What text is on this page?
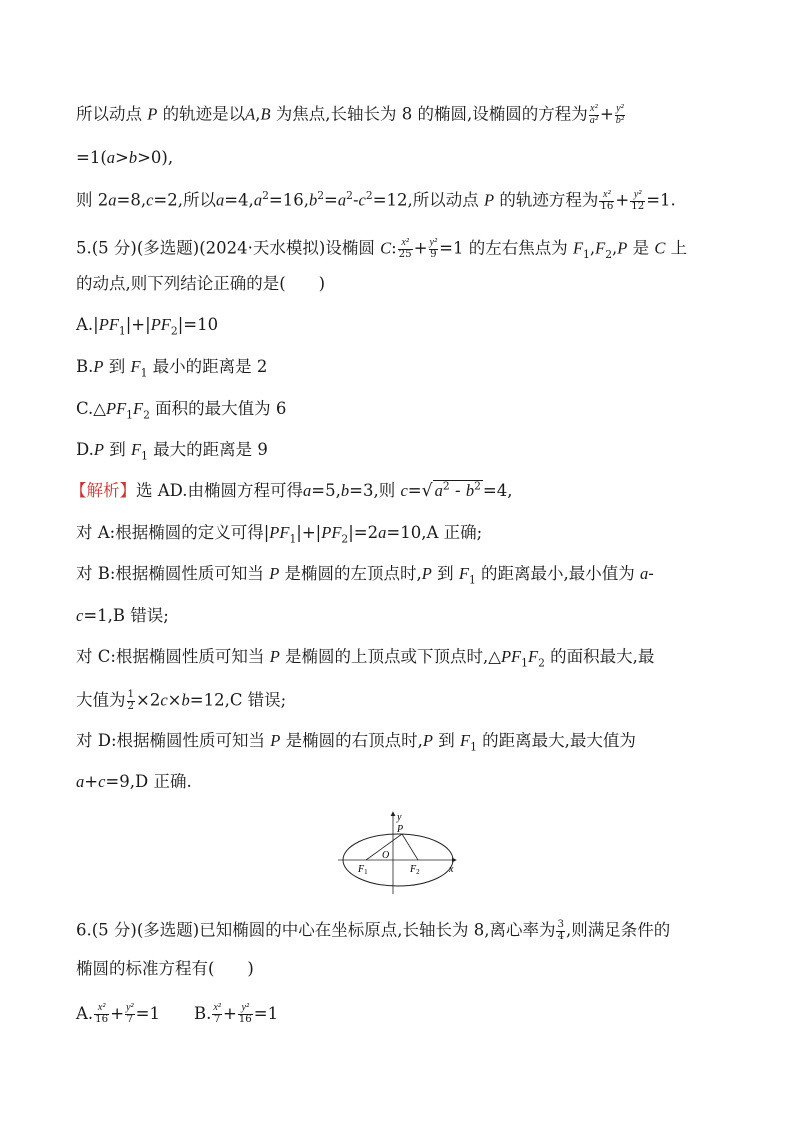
所以动点 P 的轨迹是以A,B 为焦点,长轴长为 8 的椭圆,设椭圆的方程为 $\frac{\text{x²}}{\text{a²}} + \frac{\text{y²}}{\text{b²}}$
=1(a>b>0),
则 2a=8,c=2,所以$a=4,a^2=16,b^2=a^2-c^2=12$,所以动点 P 的轨迹方程为 $\frac{\text{x²}}{16} + \frac{\text{y²}}{12} =1$.
5.(5 分)(多选题)(2024·天水模拟)设椭圆 C: $\frac{\text{x²}}{25} + \frac{\text{y²}}{9} =1$ 的左右焦点为 $F_1,F_2,P$ 是 C 上
的动点,则下列结论正确的是(　　)
$A.|PF_1|+|PF_2|=10$
B.P 到 $F_1$ 最小的距离是 2
$C.\triangle PF_1F_2$ 面积的最大值为 6
D.P 到 $F_1$ 最大的距离是 9
【解析】选 AD.由椭圆方程可得a=5,b=3,则 c=√ $a^2 - b^2 =4$,
对 A:根据椭圆的定义可得$|PF_1|+|PF_2|=2a=10,A$ 正确;
对 B:根据椭圆性质可知当 P 是椭圆的左顶点时,P 到 $F_1$ 的距离最小,最小值为 a-
c=1,B 错误;
对 C:根据椭圆性质可知当 P 是椭圆的上顶点或下顶点时$,\triangle PF_1F_2$ 的面积最大,最
大值为 $\frac{1}{2} \times 2c\times b=12,C$ 错误;
对 D:根据椭圆性质可知当 P 是椭圆的右顶点时,P 到 $F_1$ 的距离最大,最大值为
a+c=9,D 正确.
y
x
O
P
$F_1$	$F_2$
6.(5 分)(多选题)已知椭圆的中心在坐标原点,长轴长为 8,离心率为 $\frac{3}{4}$ ,则满足条件的
椭圆的标准方程有(　　)
A. $\frac{\text{x²}}{16} + \frac{\text{y²}}{7} =1$ B. $\frac{\text{x²}}{7} + \frac{\text{y²}}{16} =1$
